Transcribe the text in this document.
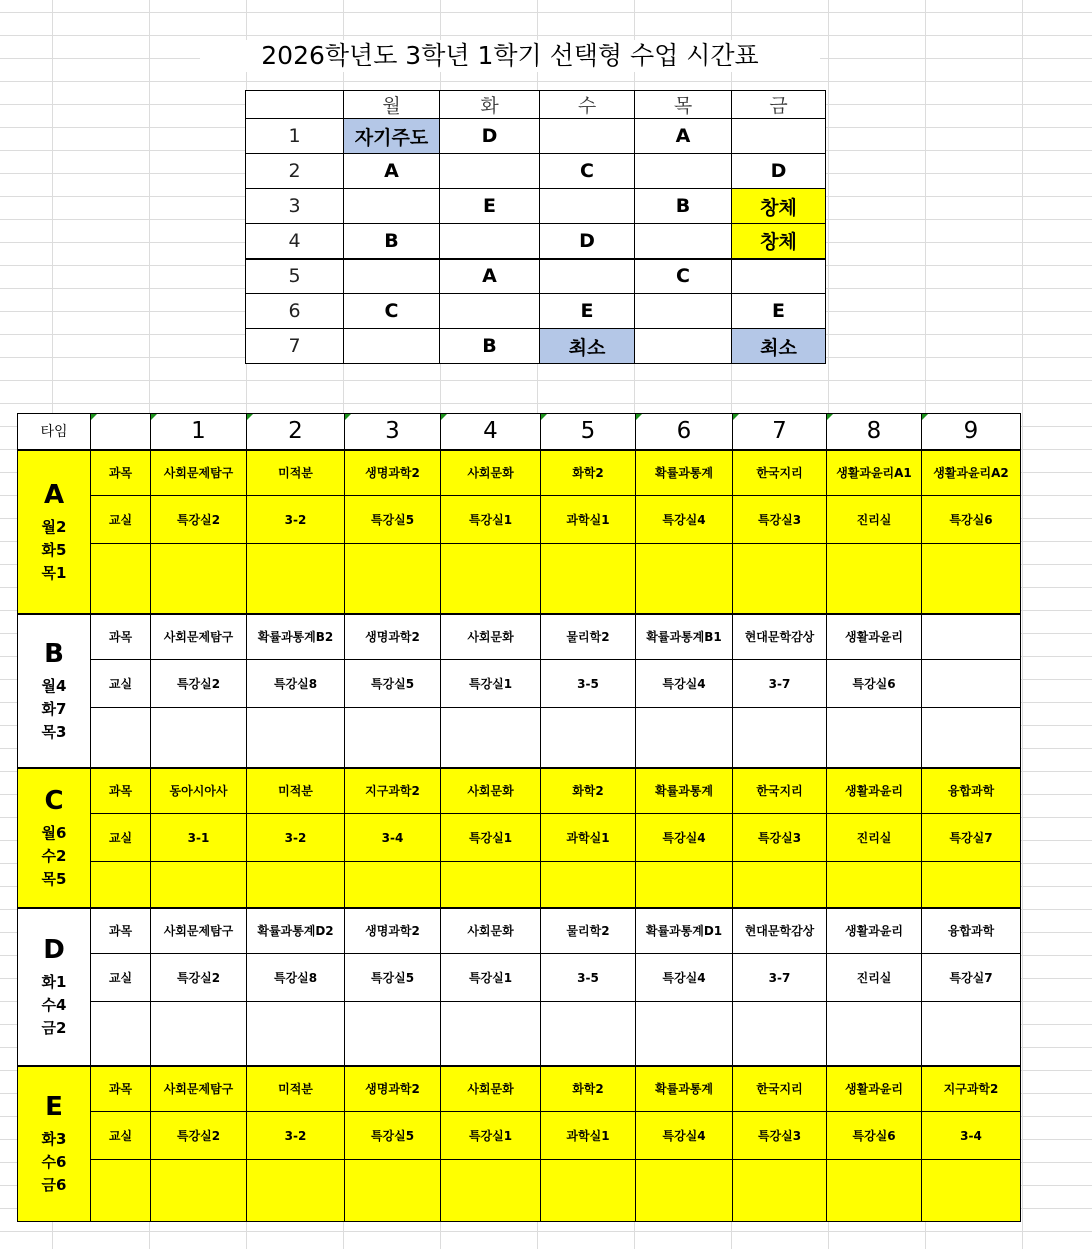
2026학년도 3학년 1학기 선택형 수업 시간표
	월	화	수	목	금
1	자기주도	D		A	
2	A		C		D
3		E		B	창체
4	B		D		창체
5		A		C	
6	C		E		E
7		B	최소		최소
타임		1	2	3	4	5	6	7	8	9

A
월2
화5
목1	과목	사회문제탐구	미적분	생명과학2	사회문화	화학2	확률과통계	한국지리	생활과윤리A1	생활과윤리A2
	교실	특강실2	3-2	특강실5	특강실1	과학실1	특강실4	특강실3	진리실	특강실6

B
월4
화7
목3	과목	사회문제탐구	확률과통계B2	생명과학2	사회문화	물리학2	확률과통계B1	현대문학감상	생활과윤리	
	교실	특강실2	특강실8	특강실5	특강실1	3-5	특강실4	3-7	특강실6	

C
월6
수2
목5	과목	동아시아사	미적분	지구과학2	사회문화	화학2	확률과통계	한국지리	생활과윤리	융합과학
	교실	3-1	3-2	3-4	특강실1	과학실1	특강실4	특강실3	진리실	특강실7

D
화1
수4
금2	과목	사회문제탐구	확률과통계D2	생명과학2	사회문화	물리학2	확률과통계D1	현대문학감상	생활과윤리	융합과학
	교실	특강실2	특강실8	특강실5	특강실1	3-5	특강실4	3-7	진리실	특강실7

E
화3
수6
금6	과목	사회문제탐구	미적분	생명과학2	사회문화	화학2	확률과통계	한국지리	생활과윤리	지구과학2
	교실	특강실2	3-2	특강실5	특강실1	과학실1	특강실4	특강실3	특강실6	3-4
